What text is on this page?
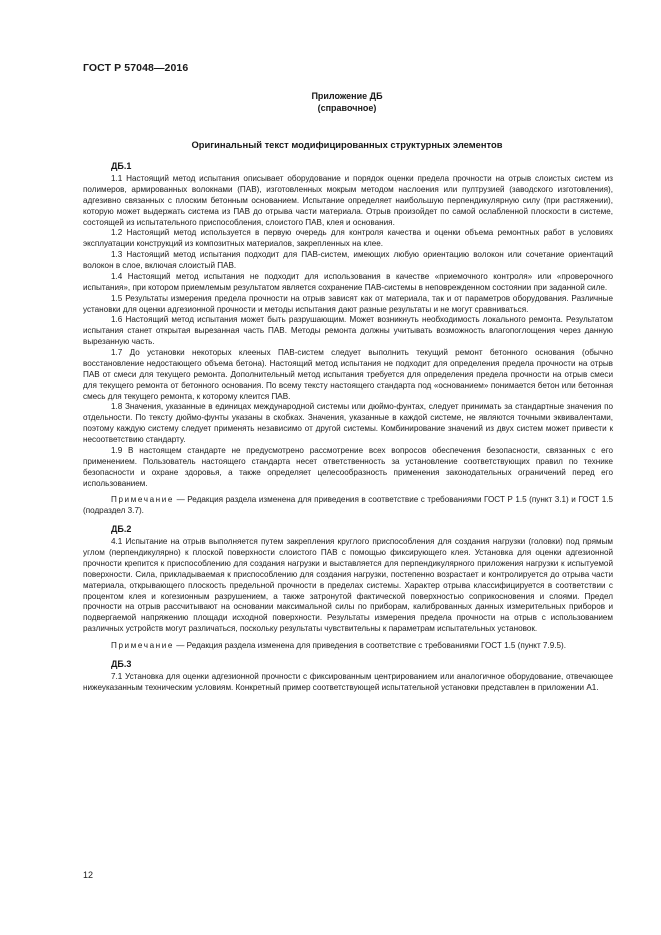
ГОСТ Р 57048—2016
Приложение ДБ
(справочное)
Оригинальный текст модифицированных структурных элементов
ДБ.1

1.1 Настоящий метод испытания описывает оборудование и порядок оценки предела прочности на отрыв слоистых систем из полимеров, армированных волокнами (ПАВ), изготовленных мокрым методом наслоения или пултрузией (заводского изготовления), адгезивно связанных с плоским бетонным основанием. Испытание определяет наибольшую перпендикулярную силу (при растяжении), которую может выдержать система из ПАВ до отрыва части материала. Отрыв произойдет по самой ослабленной плоскости в системе, состоящей из испытательного приспособления, слоистого ПАВ, клея и основания.

1.2 Настоящий метод используется в первую очередь для контроля качества и оценки объема ремонтных работ в условиях эксплуатации конструкций из композитных материалов, закрепленных на клее.

1.3 Настоящий метод испытания подходит для ПАВ-систем, имеющих любую ориентацию волокон или сочетание ориентаций волокон в слое, включая слоистый ПАВ.

1.4 Настоящий метод испытания не подходит для использования в качестве «приемочного контроля» или «проверочного испытания», при котором приемлемым результатом является сохранение ПАВ-системы в неповрежденном состоянии при заданной силе.

1.5 Результаты измерения предела прочности на отрыв зависят как от материала, так и от параметров оборудования. Различные установки для оценки адгезионной прочности и методы испытания дают разные результаты и не могут сравниваться.

1.6 Настоящий метод испытания может быть разрушающим. Может возникнуть необходимость локального ремонта. Результатом испытания станет открытая вырезанная часть ПАВ. Методы ремонта должны учитывать возможность влагопоглощения через данную вырезанную часть.

1.7 До установки некоторых клееных ПАВ-систем следует выполнить текущий ремонт бетонного основания (обычно восстановление недостающего объема бетона). Настоящий метод испытания не подходит для определения предела прочности на отрыв ПАВ от смеси для текущего ремонта. Дополнительный метод испытания требуется для определения предела прочности на отрыв смеси для текущего ремонта от бетонного основания. По всему тексту настоящего стандарта под «основанием» понимается бетон или бетонная смесь для текущего ремонта, к которому клеится ПАВ.

1.8 Значения, указанные в единицах международной системы или дюймо-фунтах, следует принимать за стандартные значения по отдельности. По тексту дюймо-фунты указаны в скобках. Значения, указанные в каждой системе, не являются точными эквивалентами, поэтому каждую систему следует применять независимо от другой системы. Комбинирование значений из двух систем может привести к несоответствию стандарту.

1.9 В настоящем стандарте не предусмотрено рассмотрение всех вопросов обеспечения безопасности, связанных с его применением. Пользователь настоящего стандарта несет ответственность за установление соответствующих правил по технике безопасности и охране здоровья, а также определяет целесообразность применения законодательных ограничений перед его использованием.

Примечание — Редакция раздела изменена для приведения в соответствие с требованиями ГОСТ Р 1.5 (пункт 3.1) и ГОСТ 1.5 (подраздел 3.7).

ДБ.2

4.1 Испытание на отрыв выполняется путем закрепления круглого приспособления для создания нагрузки (головки) под прямым углом (перпендикулярно) к плоской поверхности слоистого ПАВ с помощью фиксирующего клея. Установка для оценки адгезионной прочности крепится к приспособлению для создания нагрузки и выставляется для перпендикулярного приложения нагрузки к испытуемой поверхности. Сила, прикладываемая к приспособлению для создания нагрузки, постепенно возрастает и контролируется до отрыва части материала, открывающего плоскость предельной прочности в пределах системы. Характер отрыва классифицируется в соответствии с процентом клея и когезионным разрушением, а также затронутой фактической поверхностью соприкосновения и слоями. Предел прочности на отрыв рассчитывают на основании максимальной силы по приборам, калиброванных данных измерительных приборов и подвергаемой напряжению площади исходной поверхности. Результаты измерения предела прочности на отрыв с использованием различных устройств могут различаться, поскольку результаты чувствительны к параметрам испытательных установок.

Примечание — Редакция раздела изменена для приведения в соответствие с требованиями ГОСТ 1.5 (пункт 7.9.5).

ДБ.3

7.1 Установка для оценки адгезионной прочности с фиксированным центрированием или аналогичное оборудование, отвечающее нижеуказанным техническим условиям. Конкретный пример соответствующей испытательной установки представлен в приложении А1.

12
